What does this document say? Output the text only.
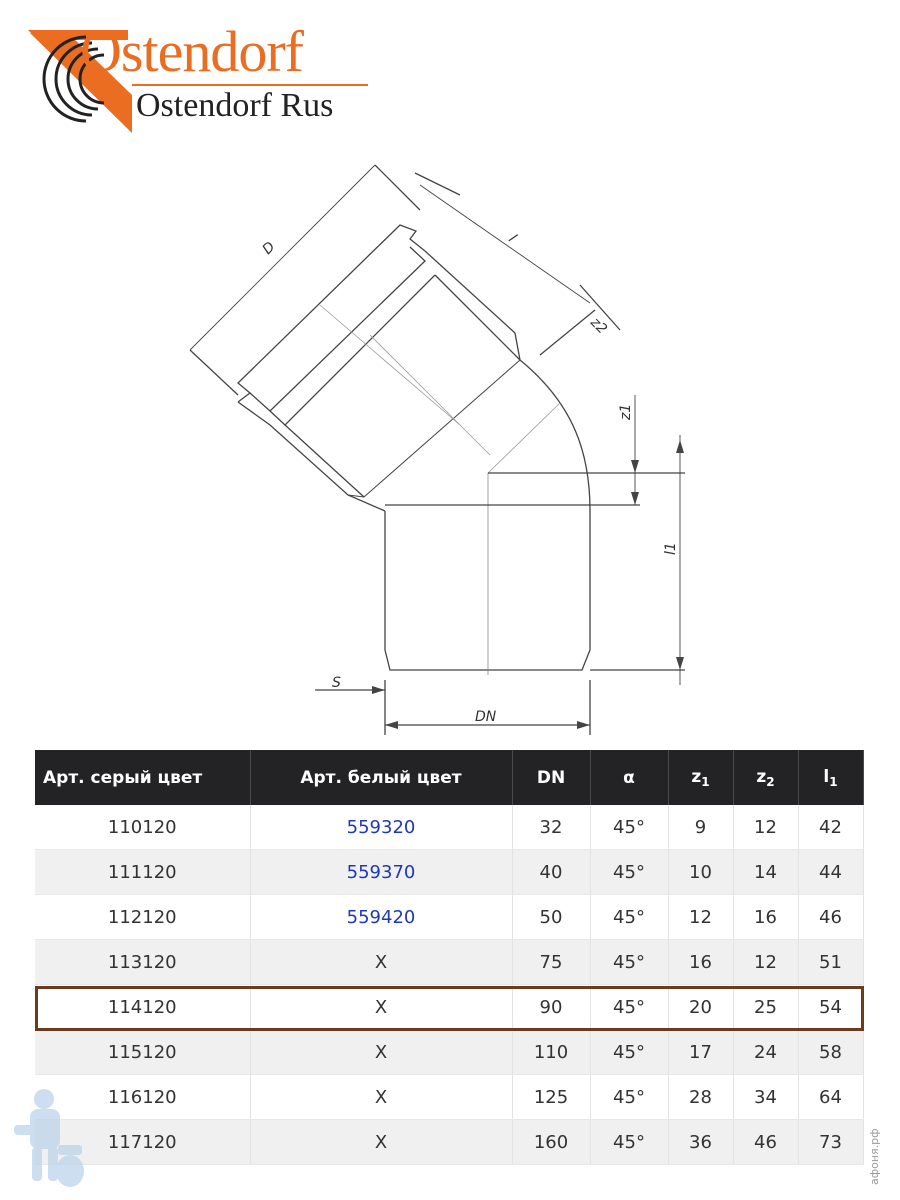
Ostendorf
Ostendorf Rus
D
l
z2
z1
l1
S
DN
Арт. серый цвет	Арт. белый цвет	DN	α	$z_1$	$z_2$	$l_1$
110120	559320	32	45°	9	12	42
111120	559370	40	45°	10	14	44
112120	559420	50	45°	12	16	46
113120	X	75	45°	16	12	51
114120	X	90	45°	20	25	54
115120	X	110	45°	17	24	58
116120	X	125	45°	28	34	64
117120	X	160	45°	36	46	73 афоня.рф
